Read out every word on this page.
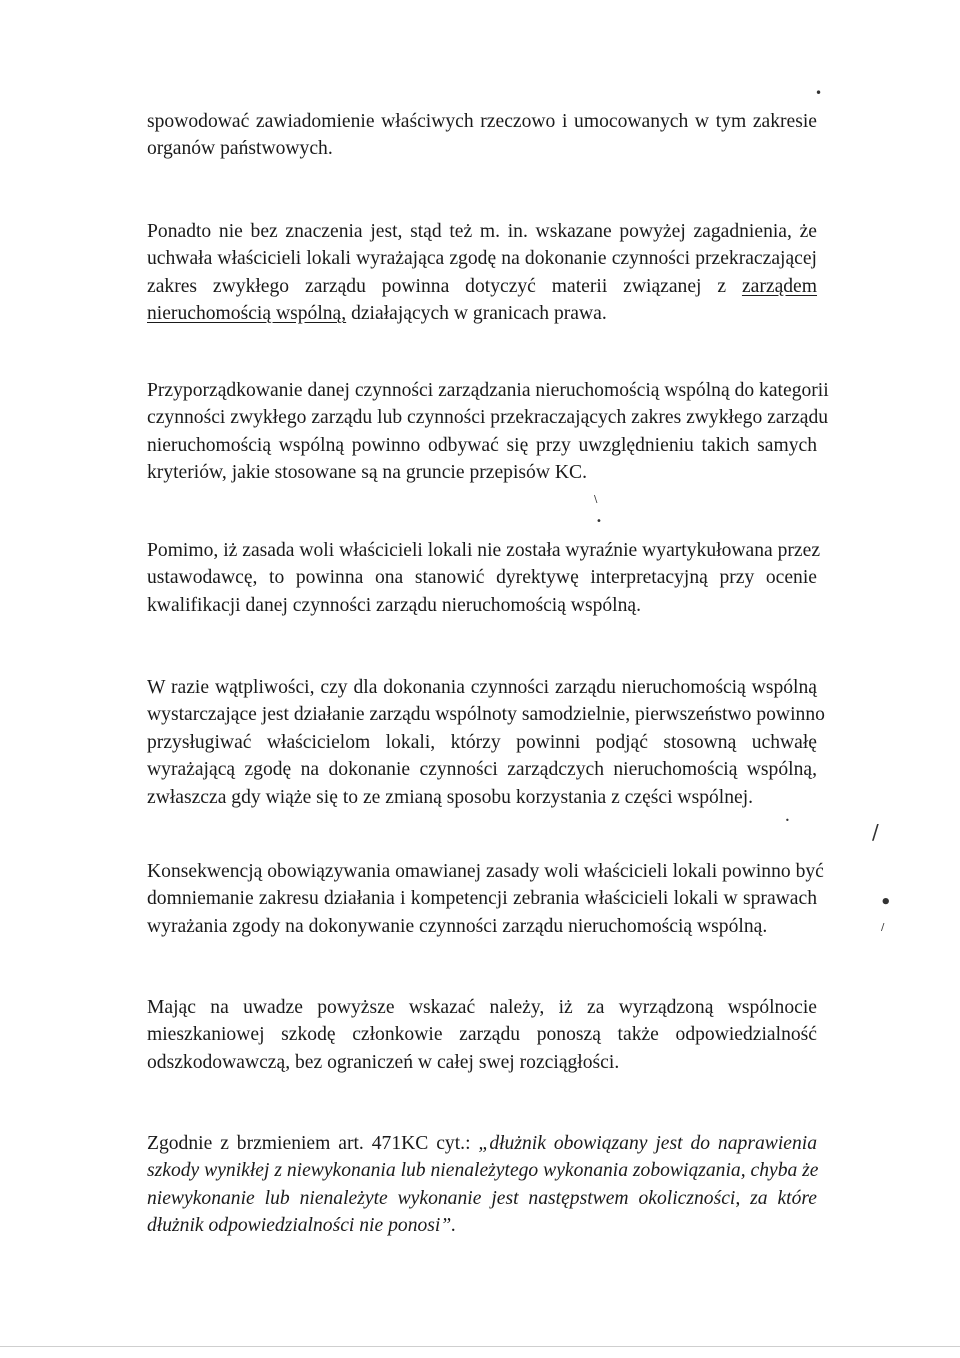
spowodować zawiadomienie właściwych rzeczowo i umocowanych w tym zakresie
organów państwowych.

Ponadto nie bez znaczenia jest, stąd też m. in. wskazane powyżej zagadnienia, że
uchwała właścicieli lokali wyrażająca zgodę na dokonanie czynności przekraczającej
zakres zwykłego zarządu powinna dotyczyć materii związanej z zarządem
nieruchomością wspólną, działających w granicach prawa.

Przyporządkowanie danej czynności zarządzania nieruchomością wspólną do kategorii
czynności zwykłego zarządu lub czynności przekraczających zakres zwykłego zarządu
nieruchomością wspólną powinno odbywać się przy uwzględnieniu takich samych
kryteriów, jakie stosowane są na gruncie przepisów KC.

Pomimo, iż zasada woli właścicieli lokali nie została wyraźnie wyartykułowana przez
ustawodawcę, to powinna ona stanowić dyrektywę interpretacyjną przy ocenie
kwalifikacji danej czynności zarządu nieruchomością wspólną.

W razie wątpliwości, czy dla dokonania czynności zarządu nieruchomością wspólną
wystarczające jest działanie zarządu wspólnoty samodzielnie, pierwszeństwo powinno
przysługiwać właścicielom lokali, którzy powinni podjąć stosowną uchwałę
wyrażającą zgodę na dokonanie czynności zarządczych nieruchomością wspólną,
zwłaszcza gdy wiąże się to ze zmianą sposobu korzystania z części wspólnej.

Konsekwencją obowiązywania omawianej zasady woli właścicieli lokali powinno być
domniemanie zakresu działania i kompetencji zebrania właścicieli lokali w sprawach
wyrażania zgody na dokonywanie czynności zarządu nieruchomością wspólną.

Mając na uwadze powyższe wskazać należy, iż za wyrządzoną wspólnocie
mieszkaniowej szkodę członkowie zarządu ponoszą także odpowiedzialność
odszkodowawczą, bez ograniczeń w całej swej rozciągłości.

Zgodnie z brzmieniem art. 471KC cyt.: „dłużnik obowiązany jest do naprawienia
szkody wynikłej z niewykonania lub nienależytego wykonania zobowiązania, chyba że
niewykonanie lub nienależyte wykonanie jest następstwem okoliczności, za które
dłużnik odpowiedzialności nie ponosi”.

•
/
•
/
\
•
•
